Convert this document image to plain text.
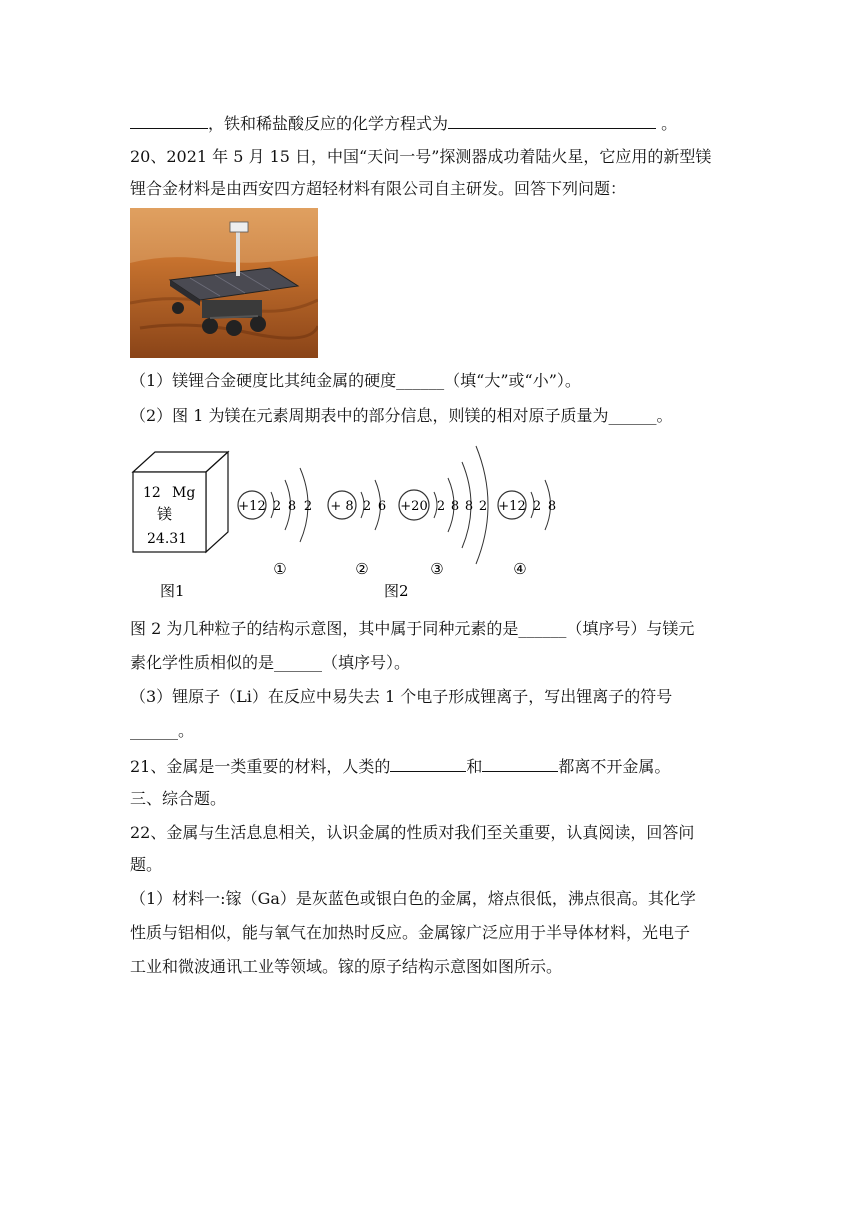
，铁和稀盐酸反应的化学方程式为	。
20、2021 年 5 月 15 日，中国“天问一号”探测器成功着陆火星，它应用的新型镁
锂合金材料是由西安四方超轻材料有限公司自主研发。回答下列问题：
（1）镁锂合金硬度比其纯金属的硬度______（填“大”或“小”）。
（2）图 1 为镁在元素周期表中的部分信息，则镁的相对原子质量为______。
12 Mg
镁
24.31
+12 2 8 2
①
+ 8 2 6
②
+20 2 8 8 2
③
+12 2 8
④
图1	图2
图 2 为几种粒子的结构示意图，其中属于同种元素的是______（填序号）与镁元
素化学性质相似的是______（填序号）。
（3）锂原子（Li）在反应中易失去 1 个电子形成锂离子，写出锂离子的符号
______。
21、金属是一类重要的材料，人类的	和	都离不开金属。
三、综合题。
22、金属与生活息息相关，认识金属的性质对我们至关重要，认真阅读，回答问
题。
（1）材料一:镓（Ga）是灰蓝色或银白色的金属，熔点很低，沸点很高。其化学
性质与铝相似，能与氧气在加热时反应。金属镓广泛应用于半导体材料，光电子
工业和微波通讯工业等领域。镓的原子结构示意图如图所示。
